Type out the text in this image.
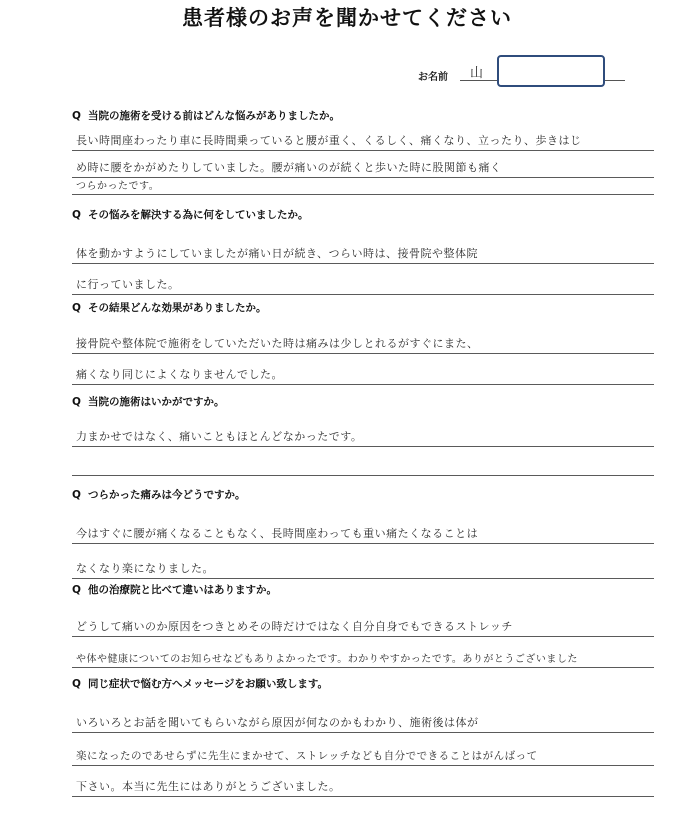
患者様のお声を聞かせてください
お名前 山
Q 当院の施術を受ける前はどんな悩みがありましたか。
長い時間座わったり車に長時間乗っていると腰が重く、くるしく、痛くなり、立ったり、歩きはじ
め時に腰をかがめたりしていました。腰が痛いのが続くと歩いた時に股関節も痛く
つらかったです。
Q その悩みを解決する為に何をしていましたか。
体を動かすようにしていましたが痛い日が続き、つらい時は、接骨院や整体院
に行っていました。
Q その結果どんな効果がありましたか。
接骨院や整体院で施術をしていただいた時は痛みは少しとれるがすぐにまた、
痛くなり同じによくなりませんでした。
Q 当院の施術はいかがですか。
力まかせではなく、痛いこともほとんどなかったです。
Q つらかった痛みは今どうですか。
今はすぐに腰が痛くなることもなく、長時間座わっても重い痛たくなることは
なくなり楽になりました。
Q 他の治療院と比べて違いはありますか。
どうして痛いのか原因をつきとめその時だけではなく自分自身でもできるストレッチ
や体や健康についてのお知らせなどもありよかったです。わかりやすかったです。ありがとうございました
Q 同じ症状で悩む方へメッセージをお願い致します。
いろいろとお話を聞いてもらいながら原因が何なのかもわかり、施術後は体が
楽になったのであせらずに先生にまかせて、ストレッチなども自分でできることはがんばって
下さい。本当に先生にはありがとうございました。
